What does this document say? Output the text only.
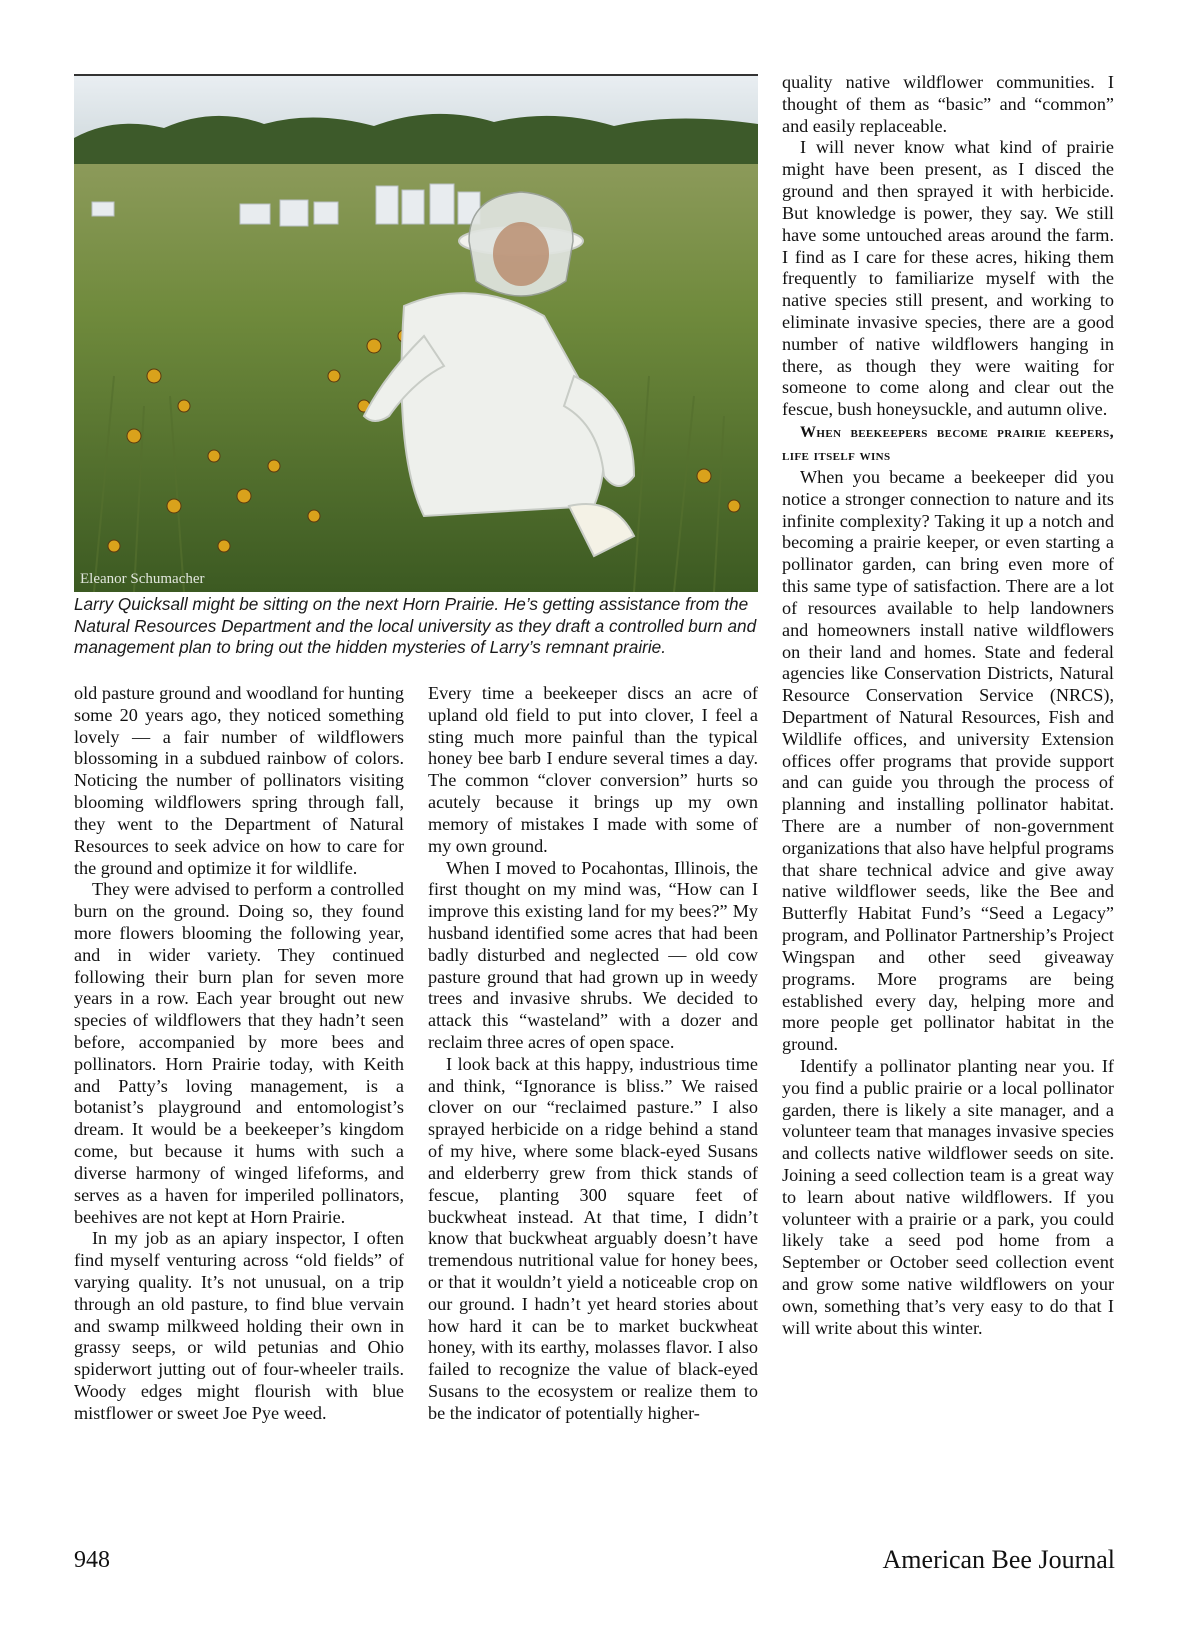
Eleanor Schumacher
Larry Quicksall might be sitting on the next Horn Prairie. He’s getting assistance from the Natural Resources Department and the local university as they draft a controlled burn and management plan to bring out the hidden mysteries of Larry’s remnant prairie.

old pasture ground and woodland for hunting some 20 years ago, they noticed something lovely — a fair number of wildflowers blossoming in a subdued rainbow of colors. Noticing the number of pollinators visiting blooming wildflowers spring through fall, they went to the Department of Natural Resources to seek advice on how to care for the ground and optimize it for wildlife.

They were advised to perform a controlled burn on the ground. Doing so, they found more flowers blooming the following year, and in wider variety. They continued following their burn plan for seven more years in a row. Each year brought out new species of wildflowers that they hadn’t seen before, accompanied by more bees and pollinators. Horn Prairie today, with Keith and Patty’s loving management, is a botanist’s playground and entomologist’s dream. It would be a beekeeper’s kingdom come, but because it hums with such a diverse harmony of winged lifeforms, and serves as a haven for imperiled pollinators, beehives are not kept at Horn Prairie.

In my job as an apiary inspector, I often find myself venturing across “old fields” of varying quality. It’s not unusual, on a trip through an old pasture, to find blue vervain and swamp milkweed holding their own in grassy seeps, or wild petunias and Ohio spiderwort jutting out of four-wheeler trails. Woody edges might flourish with blue mistflower or sweet Joe Pye weed.

Every time a beekeeper discs an acre of upland old field to put into clover, I feel a sting much more painful than the typical honey bee barb I endure several times a day. The common “clover conversion” hurts so acutely because it brings up my own memory of mistakes I made with some of my own ground.

When I moved to Pocahontas, Illinois, the first thought on my mind was, “How can I improve this existing land for my bees?” My husband identified some acres that had been badly disturbed and neglected — old cow pasture ground that had grown up in weedy trees and invasive shrubs. We decided to attack this “wasteland” with a dozer and reclaim three acres of open space.

I look back at this happy, industrious time and think, “Ignorance is bliss.” We raised clover on our “reclaimed pasture.” I also sprayed herbicide on a ridge behind a stand of my hive, where some black-eyed Susans and elderberry grew from thick stands of fescue, planting 300 square feet of buckwheat instead. At that time, I didn’t know that buckwheat arguably doesn’t have tremendous nutritional value for honey bees, or that it wouldn’t yield a noticeable crop on our ground. I hadn’t yet heard stories about how hard it can be to market buckwheat honey, with its earthy, molasses flavor. I also failed to recognize the value of black-eyed Susans to the ecosystem or realize them to be the indicator of potentially higher-

quality native wildflower communities. I thought of them as “basic” and “common” and easily replaceable.

I will never know what kind of prairie might have been present, as I disced the ground and then sprayed it with herbicide. But knowledge is power, they say. We still have some untouched areas around the farm. I find as I care for these acres, hiking them frequently to familiarize myself with the native species still present, and working to eliminate invasive species, there are a good number of native wildflowers hanging in there, as though they were waiting for someone to come along and clear out the fescue, bush honeysuckle, and autumn olive.

When beekeepers become prairie keepers, life itself wins

When you became a beekeeper did you notice a stronger connection to nature and its infinite complexity? Taking it up a notch and becoming a prairie keeper, or even starting a pollinator garden, can bring even more of this same type of satisfaction. There are a lot of resources available to help landowners and homeowners install native wildflowers on their land and homes. State and federal agencies like Conservation Districts, Natural Resource Conservation Service (NRCS), Department of Natural Resources, Fish and Wildlife offices, and university Extension offices offer programs that provide support and can guide you through the process of planning and installing pollinator habitat. There are a number of non-government organizations that also have helpful programs that share technical advice and give away native wildflower seeds, like the Bee and Butterfly Habitat Fund’s “Seed a Legacy” program, and Pollinator Partnership’s Project Wingspan and other seed giveaway programs. More programs are being established every day, helping more and more people get pollinator habitat in the ground.

Identify a pollinator planting near you. If you find a public prairie or a local pollinator garden, there is likely a site manager, and a volunteer team that manages invasive species and collects native wildflower seeds on site. Joining a seed collection team is a great way to learn about native wildflowers. If you volunteer with a prairie or a park, you could likely take a seed pod home from a September or October seed collection event and grow some native wildflowers on your own, something that’s very easy to do that I will write about this winter.

948	American Bee Journal
